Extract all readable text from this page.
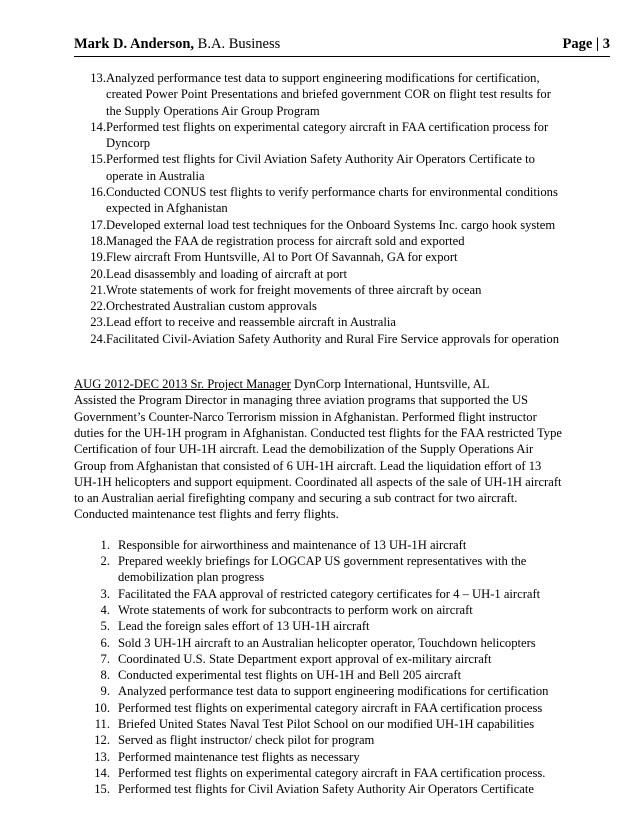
Mark D. Anderson, B.A. Business	Page | 3
13. Analyzed performance test data to support engineering modifications for certification, created Power Point Presentations and briefed government COR on flight test results for the Supply Operations Air Group Program
14. Performed test flights on experimental category aircraft in FAA certification process for Dyncorp
15. Performed test flights for Civil Aviation Safety Authority Air Operators Certificate to operate in Australia
16. Conducted CONUS test flights to verify performance charts for environmental conditions expected in Afghanistan
17. Developed external load test techniques for the Onboard Systems Inc. cargo hook system
18. Managed the FAA de registration process for aircraft sold and exported
19. Flew aircraft From Huntsville, Al to Port Of Savannah, GA for export
20. Lead disassembly and loading of aircraft at port
21. Wrote statements of work for freight movements of three aircraft by ocean
22. Orchestrated Australian custom approvals
23. Lead effort to receive and reassemble aircraft in Australia
24. Facilitated Civil-Aviation Safety Authority and Rural Fire Service approvals for operation
AUG 2012-DEC 2013 Sr. Project Manager DynCorp International, Huntsville, AL

Assisted the Program Director in managing three aviation programs that supported the US Government’s Counter-Narco Terrorism mission in Afghanistan. Performed flight instructor duties for the UH-1H program in Afghanistan. Conducted test flights for the FAA restricted Type Certification of four UH-1H aircraft. Lead the demobilization of the Supply Operations Air Group from Afghanistan that consisted of 6 UH-1H aircraft. Lead the liquidation effort of 13 UH-1H helicopters and support equipment. Coordinated all aspects of the sale of UH-1H aircraft to an Australian aerial firefighting company and securing a sub contract for two aircraft. Conducted maintenance test flights and ferry flights.

1. Responsible for airworthiness and maintenance of 13 UH-1H aircraft
2. Prepared weekly briefings for LOGCAP US government representatives with the demobilization plan progress
3. Facilitated the FAA approval of restricted category certificates for 4 – UH-1 aircraft
4. Wrote statements of work for subcontracts to perform work on aircraft
5. Lead the foreign sales effort of 13 UH-1H aircraft
6. Sold 3 UH-1H aircraft to an Australian helicopter operator, Touchdown helicopters
7. Coordinated U.S. State Department export approval of ex-military aircraft
8. Conducted experimental test flights on UH-1H and Bell 205 aircraft
9. Analyzed performance test data to support engineering modifications for certification
10. Performed test flights on experimental category aircraft in FAA certification process
11. Briefed United States Naval Test Pilot School on our modified UH-1H capabilities
12. Served as flight instructor/ check pilot for program
13. Performed maintenance test flights as necessary
14. Performed test flights on experimental category aircraft in FAA certification process.
15. Performed test flights for Civil Aviation Safety Authority Air Operators Certificate
